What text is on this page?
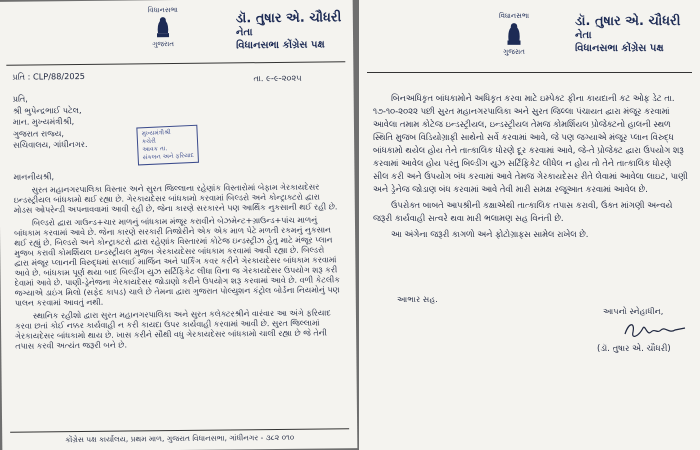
વિધાનસભા
ગુજરાત
ડૉ. તુષાર એ. ચૌધરી
નેતા
વિધાનસભા કોંગ્રેસ પક્ષ
પ્રતિ : CLP/88/2025	તા. ૯-૯-૨૦૨૫
પ્રતિ,
શ્રી ભુપેન્દ્રભાઈ પટેલ,
માન. મુખ્યમંત્રીશ્રી,
ગુજરાત રાજ્ય,
સચિવાલય, ગાંધીનગર.
મુખ્યમંત્રીશ્રી
કચેરી
આવક તા.
સંકલન અને ફરિયાદ
માનનીયશ્રી,

સુરત મહાનગરપાલિકા વિસ્તાર અને સુરત જિલ્લાના રહેણાંક વિસ્તારોમાં બેફામ ગેરકાયદેસર ઇન્ડસ્ટ્રીયલ બાંધકામો થઈ રહ્યા છે. ગેરકાયદેસર બાંધકામો કરવામાં બિલ્ડરો અને કોન્ટ્રાક્ટરો દ્વારા મોડસ ઓપરેન્ડી અપનાવવામાં આવી રહી છે, જેના કારણે સરકારને પણ આર્થિક નુકસાની થઈ રહી છે.

બિલ્ડરો દ્વારા ગાઉન્ડ+ચાર માળનું બાંધકામ મંજૂર કરાવીને બેઝમેન્ટ+ગ્રાઉન્ડ+પાંચ માળનું બાંધકામ કરવામાં આવે છે. જેના કારણે સરકારી તિજોરીને એક એક માળ પેટે મળતી રકમનું નુકસાન થઈ રહ્યું છે. બિલ્ડરો અને કોન્ટ્રાક્ટરો દ્વારા રહેણાંક વિસ્તારમાં કોટેજ ઇન્ડસ્ટ્રીઝ હેતુ માટે મંજૂર પ્લાન મુજબ કરાવી કોમર્શિયલ ઇન્ડસ્ટ્રીયલ મુજબ ગેરકાયદેસર બાંધકામ કરવામાં આવી રહ્યા છે. બિલ્ડરો દ્વારા મંજૂર પ્લાનની વિરુદ્ધમાં સપ્લાઈ માર્જિન અને પાર્કિંગ કવર કરીને ગેરકાયદેસર બાંધકામ કરવામાં આવે છે. બાંધકામ પૂર્ણ થયા બાદ બિલ્ડીંગ યુઝ સર્ટિફિકેટ લીધા વિના જ ગેરકાયદેસર ઉપયોગ શરૂ કરી દેવામાં આવે છે. પાણી-ડ્રેનેજના ગેરકાયદેસર જોડાણો કરીને ઉપયોગ શરૂ કરવામાં આવે છે. વળી કેટલીક જગ્યાએ ડાઇંગ મિલો (સફેદ કાપડ) ચાલે છે તેમના દ્વારા ગુજરાત પોલ્યુશન કંટ્રોલ બોર્ડના નિયમોનું પણ પાલન કરવામાં આવતું નથી.

સ્થાનિક રહીશો દ્વારા સુરત મહાનગરપાલિકા અને સુરત કલેક્ટરશ્રીને વારંવાર આ અંગે ફરિયાદ કરવા છતાં કોઈ નક્કર કાર્યવાહી ન કરી કાયદા ઉપર કાર્યવાહી કરવામાં આવી છે. સુરત જિલ્લામાં ગેરકાયદેસર બાંધકામો થાય છે. ખાસ કરીને સૌથી વધુ ગેરકાયદેસર બાંધકામો ચાલી રહ્યા છે જે તેની તપાસ કરવી અત્યંત જરૂરી બને છે.

કોંગ્રેસ પક્ષ કાર્યાલય, પ્રથમ માળ, ગુજરાત વિધાનસભા, ગાંધીનગર - ૩૮૨ ૦૧૦
વિધાનસભા
ગુજરાત
ડૉ. તુષાર એ. ચૌધરી
નેતા
વિધાનસભા કોંગ્રેસ પક્ષ

બિનઅધિકૃત બાંધકામોને અધિકૃત કરવા માટે ઇમ્પેક્ટ ફીના કાયદાની કટ ઓફ ડેટ તા. ૧૭-૧૦-૨૦૨૨ પછી સુરત મહાનગરપાલિકા અને સુરત જિલ્લા પંચાયત દ્વારા મંજૂર કરવામાં આવેલા તમામ કોટેજ ઇન્ડસ્ટ્રીયલ, ઇન્ડસ્ટ્રીયલ તેમજ કોમર્શિયલ પ્રોજેક્ટનો હાલની સ્થળ સ્થિતિ મુજબ વિડિયોગ્રાફી સાથેનો સર્વે કરવામાં આવે, જે પણ જગ્યાએ મંજૂર પ્લાન વિરુદ્ધ બાંધકામો થયેલ હોય તેને તાત્કાલિક ધોરણે દૂર કરવામાં આવે, જે-તે પ્રોજેક્ટ દ્વારા ઉપયોગ શરૂ કરવામાં આવેલ હોય પરંતુ બિલ્ડીંગ યુઝ સર્ટિફિકેટ લીધેલ ન હોય તો તેને તાત્કાલિક ધોરણે સીલ કરી અને ઉપયોગ બંધ કરવામાં આવે તેમજ ગેરકાયદેસર રીતે લેવામાં આવેલા લાઇટ, પાણી અને ડ્રેનેજ જોડાણ બંધ કરવામાં આવે તેવી મારી સમક્ષ રજૂઆત કરવામાં આવેલ છે.

ઉપરોક્ત બાબતે આપશ્રીની કક્ષાએથી તાત્કાલિક તપાસ કરાવી, ઉક્ત માંગણી અન્વયે જરૂરી કાર્યવાહી સત્વરે થવા મારી ભલામણ સહ વિનંતી છે.

આ અંગેના જરૂરી કાગળો અને ફોટોગ્રાફ્સ સામેલ રાખેલ છે.

આભાર સહ.
આપનો સ્નેહાધીન,
(ડૉ. તુષાર એ. ચૌધરી)
